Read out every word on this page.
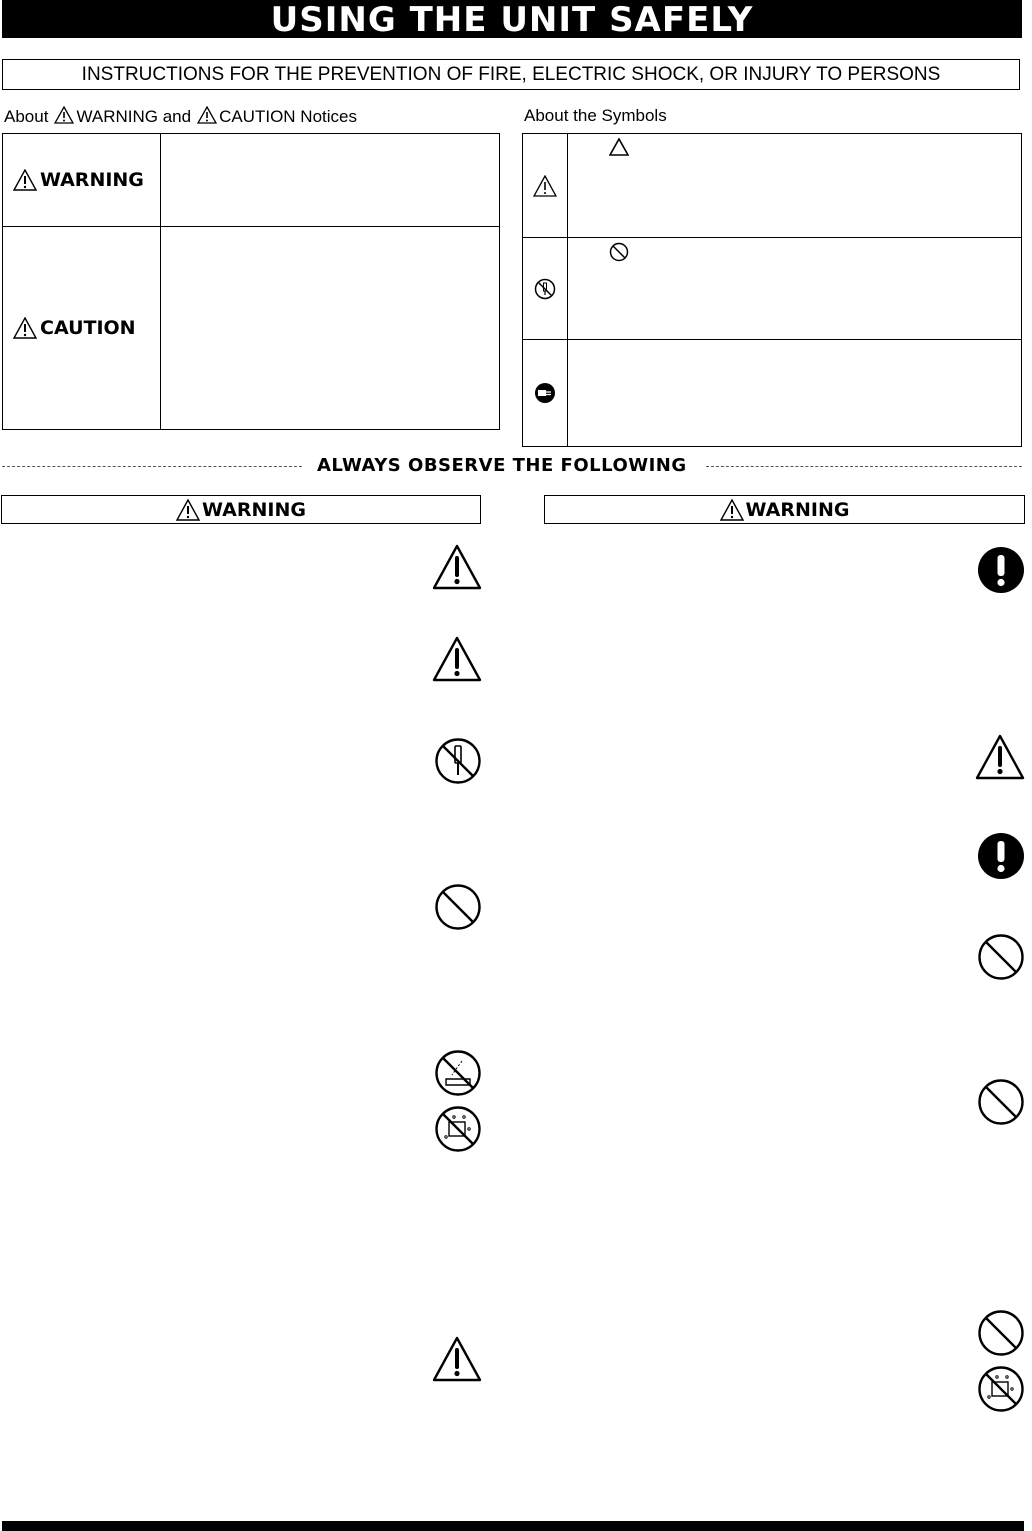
USING THE UNIT SAFELY
INSTRUCTIONS FOR THE PREVENTION OF FIRE, ELECTRIC SHOCK, OR INJURY TO PERSONS
About WARNING and CAUTION Notices
WARNING
CAUTION
About the Symbols
ALWAYS OBSERVE THE FOLLOWING
WARNING	WARNING
